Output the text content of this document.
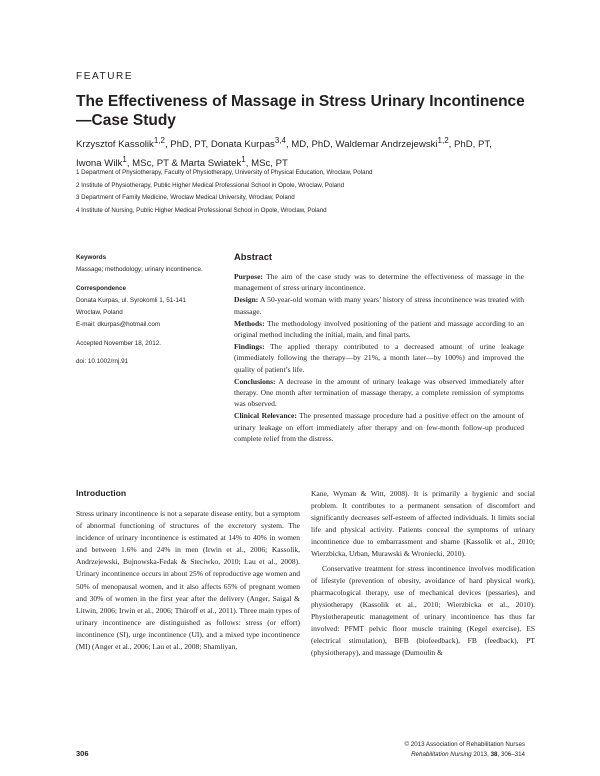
FEATURE
The Effectiveness of Massage in Stress Urinary Incontinence—Case Study
Krzysztof Kassolik$^{1,2}$, PhD, PT, Donata Kurpas$^{3,4}$, MD, PhD, Waldemar Andrzejewski$^{1,2}$, PhD, PT,
Iwona Wilk$^1$, MSc, PT & Marta Swiatek$^1$, MSc, PT
1 Department of Physiotherapy, Faculty of Physiotherapy, University of Physical Education, Wroclaw, Poland
2 Institute of Physiotherapy, Public Higher Medical Professional School in Opole, Wroclaw, Poland
3 Department of Family Medicine, Wroclaw Medical University, Wroclaw, Poland
4 Institute of Nursing, Public Higher Medical Professional School in Opole, Wroclaw, Poland
Keywords
Massage; methodology; urinary incontinence.
Correspondence
Donata Kurpas, ul. Syrokomli 1, 51-141
Wroclaw, Poland
E-mail: dkurpas@hotmail.com
Accepted November 18, 2012.
doi: 10.1002/rnj.91
Abstract

Purpose: The aim of the case study was to determine the effectiveness of massage in the management of stress urinary incontinence.

Design: A 50-year-old woman with many years’ history of stress incontinence was treated with massage.

Methods: The methodology involved positioning of the patient and massage according to an original method including the initial, main, and final parts.

Findings: The applied therapy contributed to a decreased amount of urine leakage (immediately following the therapy—by 21%, a month later—by 100%) and improved the quality of patient’s life.

Conclusions: A decrease in the amount of urinary leakage was observed immediately after therapy. One month after termination of massage therapy, a complete remission of symptoms was observed.

Clinical Relevance: The presented massage procedure had a positive effect on the amount of urinary leakage on effort immediately after therapy and on few-month follow-up produced complete relief from the distress.

Introduction

Stress urinary incontinence is not a separate disease entity, but a symptom of abnormal functioning of structures of the excretory system. The incidence of urinary incontinence is estimated at 14% to 40% in women and between 1.6% and 24% in men (Irwin et al., 2006; Kassolik, Andrzejewski, Bujnowska-Fedak & Steciwko, 2010; Lau et al., 2008). Urinary incontinence occurs in about 25% of reproductive age women and 50% of menopausal women, and it also affects 65% of pregnant women and 30% of women in the first year after the delivery (Anger, Saigal & Litwin, 2006; Irwin et al., 2006; Thüroff et al., 2011). Three main types of urinary incontinence are distinguished as follows: stress (or effort) incontinence (SI), urge incontinence (UI), and a mixed type incontinence (MI) (Anger et al., 2006; Lau et al., 2008; Shamliyan,

Kane, Wyman & Witt, 2008). It is primarily a hygienic and social problem. It contributes to a permanent sensation of discomfort and significantly decreases self-esteem of affected individuals. It limits social life and physical activity. Patients conceal the symptoms of urinary incontinence due to embarrassment and shame (Kassolik et al., 2010; Wierzbicka, Urban, Murawski & Wroniecki, 2010).

Conservative treatment for stress incontinence involves modification of lifestyle (prevention of obesity, avoidance of hard physical work), pharmacological therapy, use of mechanical devices (pessaries), and physiotherapy (Kassolik et al., 2010; Wierzbicka et al., 2010). Physiotherapeutic management of urinary incontinence has thus far involved: PFMT pelvic floor muscle training (Kegel exercise), ES (electrical stimulation), BFB (biofeedback), FB (feedback), PT (physiotherapy), and massage (Dumoulin &

306
© 2013 Association of Rehabilitation Nurses
Rehabilitation Nursing 2013, 38, 306–314
